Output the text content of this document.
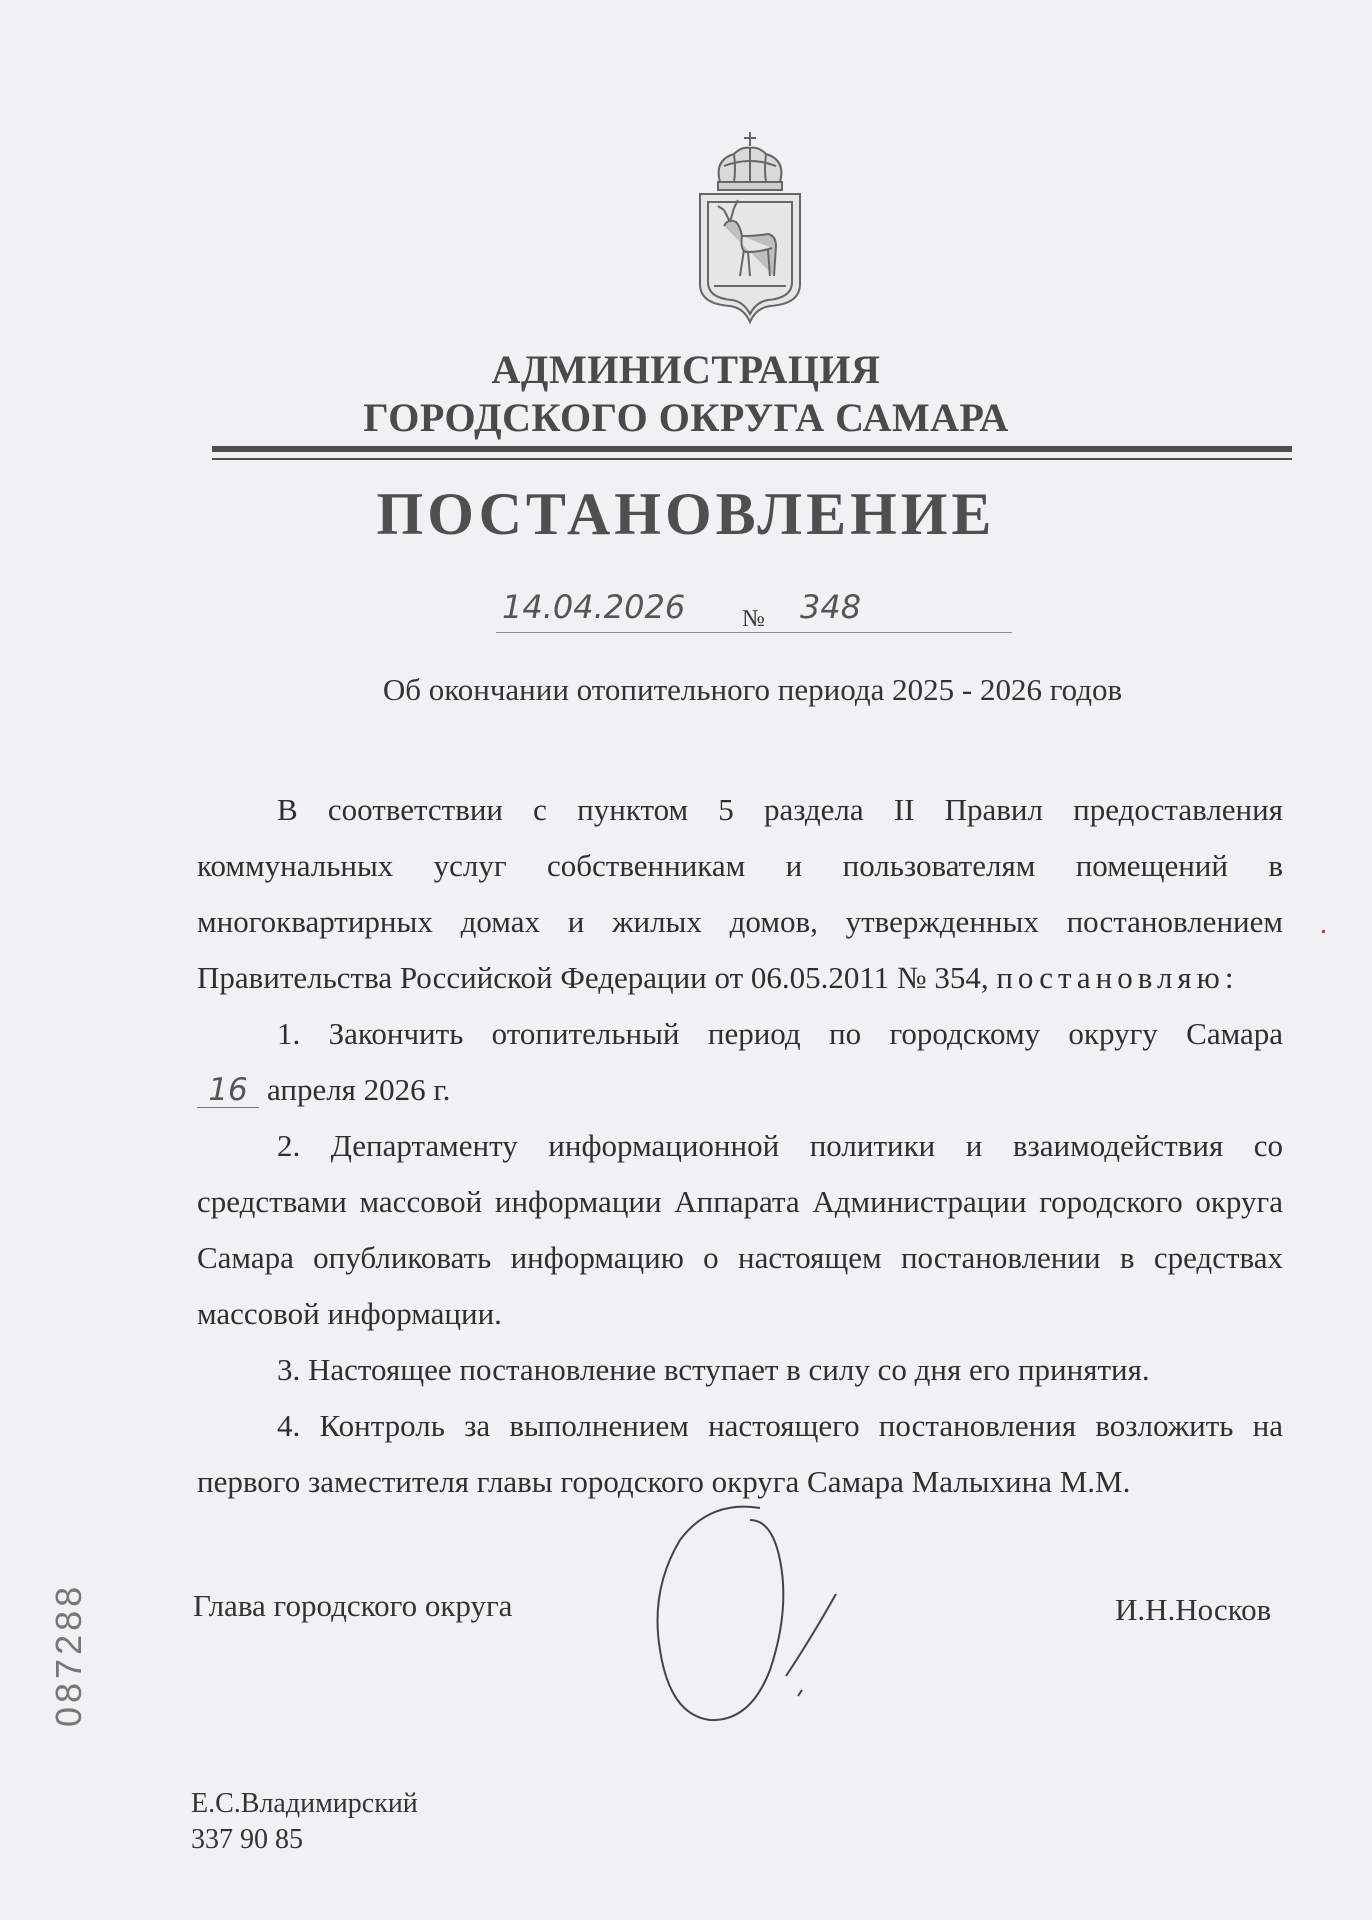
АДМИНИСТРАЦИЯ
ГОРОДСКОГО ОКРУГА САМАРА
ПОСТАНОВЛЕНИЕ
14.04.2026 № 348
Об окончании отопительного периода 2025 - 2026 годов

В соответствии с пунктом 5 раздела II Правил предоставления коммунальных услуг собственникам и пользователям помещений в многоквартирных домах и жилых домов, утвержденных постановлением Правительства Российской Федерации от 06.05.2011 № 354, постановляю:

1. Закончить отопительный период по городскому округу Самара

16 апреля 2026 г.

2. Департаменту информационной политики и взаимодействия со средствами массовой информации Аппарата Администрации городского округа Самара опубликовать информацию о настоящем постановлении в средствах массовой информации.

3. Настоящее постановление вступает в силу со дня его принятия.

4. Контроль за выполнением настоящего постановления возложить на первого заместителя главы городского округа Самара Малыхина М.М.

Глава городского округа	И.Н.Носков
087288
Е.С.Владимирский
337 90 85
